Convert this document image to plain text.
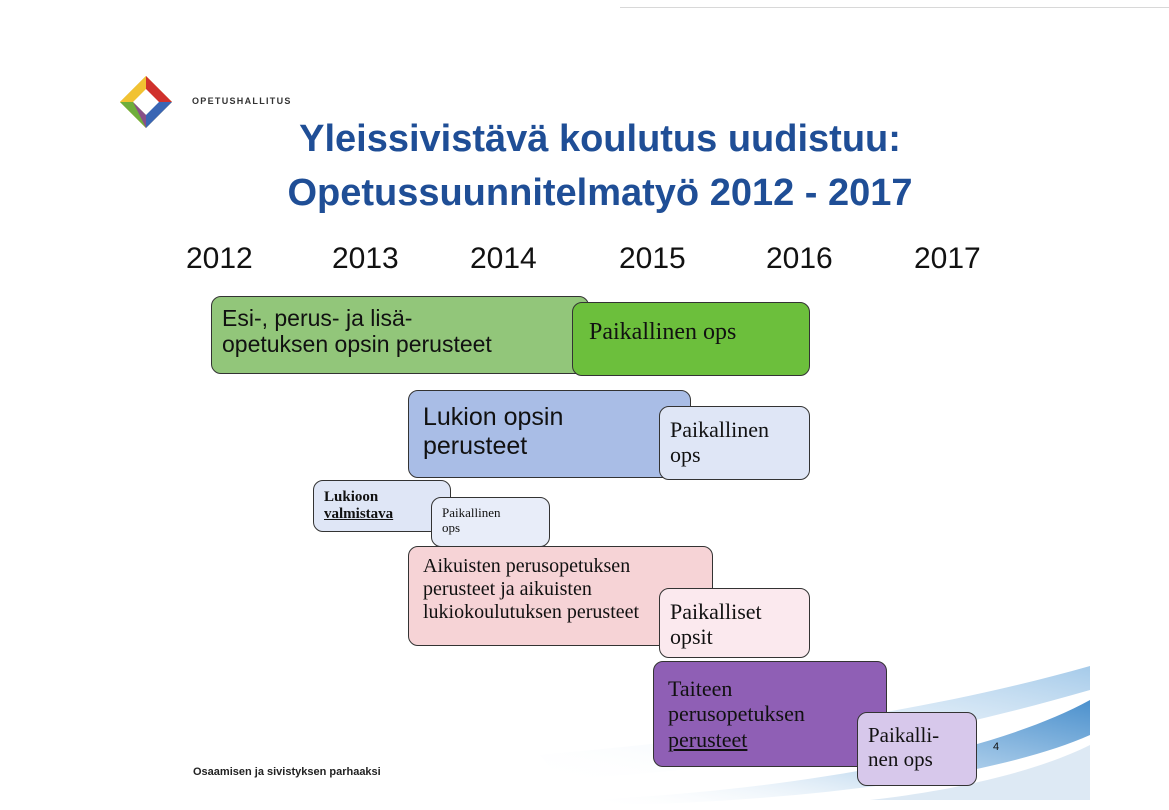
OPETUSHALLITUS
Yleissivistävä koulutus uudistuu:
Opetussuunnitelmatyö 2012 - 2017
2012	2013 2014	2015	2016	2017
Esi-, perus- ja lisä-
opetuksen opsin perusteet	Paikallinen ops
Lukion opsin
perusteet
Paikallinen
ops
Lukioon
valmistava	Paikallinen
ops
Aikuisten perusopetuksen
perusteet ja aikuisten
lukiokoulutuksen perusteet	Paikalliset
opsit
Taiteen
perusopetuksen
perusteet	Paikalli-
nen ops
4
Osaamisen ja sivistyksen parhaaksi
